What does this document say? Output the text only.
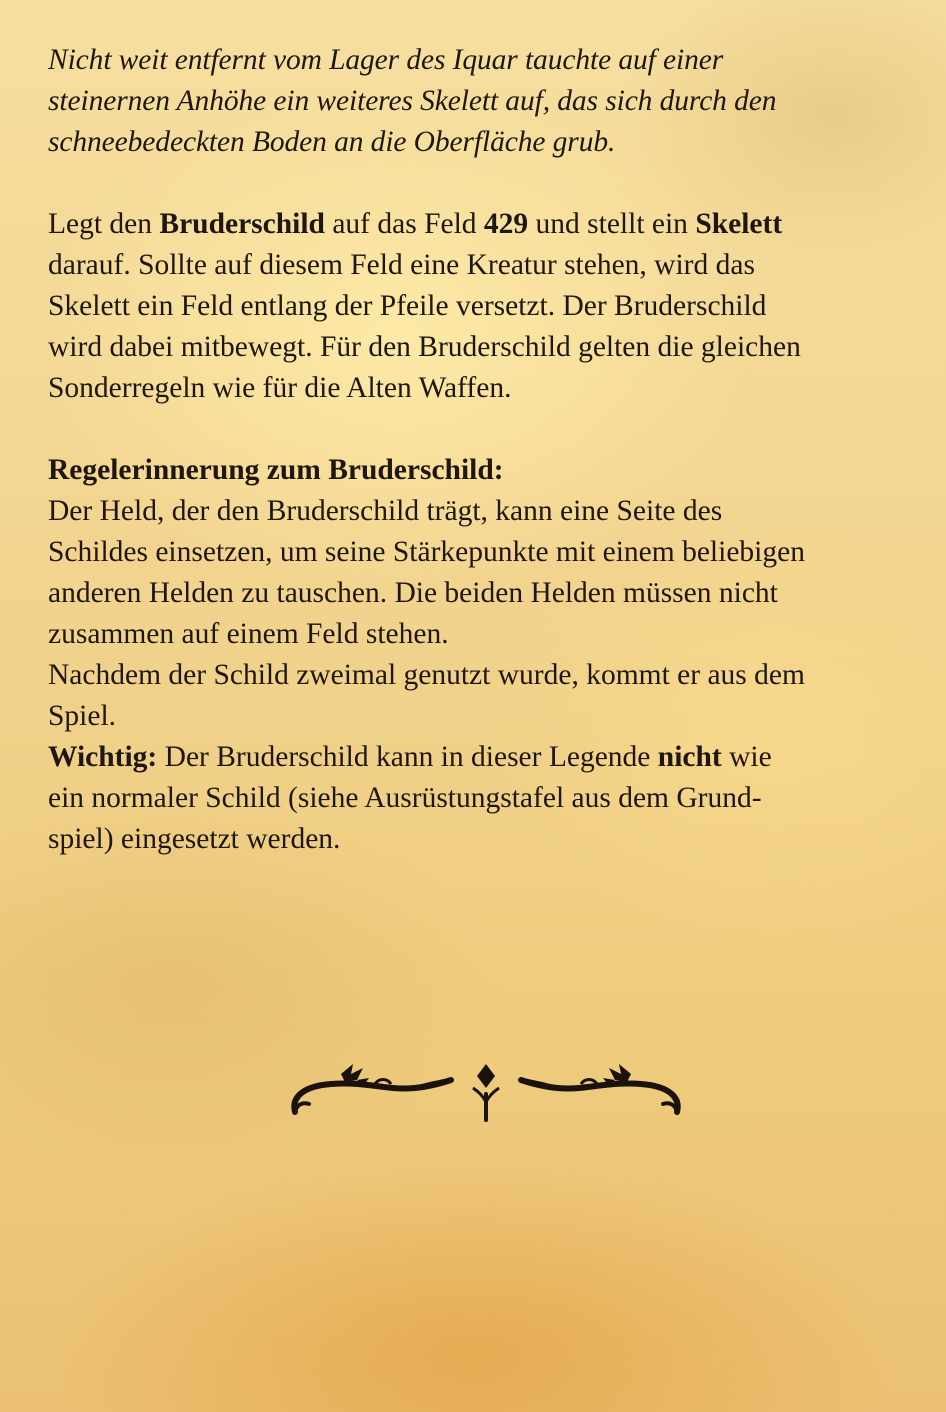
Nicht weit entfernt vom Lager des Iquar tauchte auf einer
steinernen Anhöhe ein weiteres Skelett auf, das sich durch den
schneebedeckten Boden an die Oberfläche grub.
Legt den Bruderschild auf das Feld 429 und stellt ein Skelett
darauf. Sollte auf diesem Feld eine Kreatur stehen, wird das
Skelett ein Feld entlang der Pfeile versetzt. Der Bruderschild
wird dabei mitbewegt. Für den Bruderschild gelten die gleichen
Sonderregeln wie für die Alten Waffen.
Regelerinnerung zum Bruderschild:
Der Held, der den Bruderschild trägt, kann eine Seite des
Schildes einsetzen, um seine Stärkepunkte mit einem beliebigen
anderen Helden zu tauschen. Die beiden Helden müssen nicht
zusammen auf einem Feld stehen.
Nachdem der Schild zweimal genutzt wurde, kommt er aus dem
Spiel.
Wichtig: Der Bruderschild kann in dieser Legende nicht wie
ein normaler Schild (siehe Ausrüstungstafel aus dem Grund-
spiel) eingesetzt werden.
